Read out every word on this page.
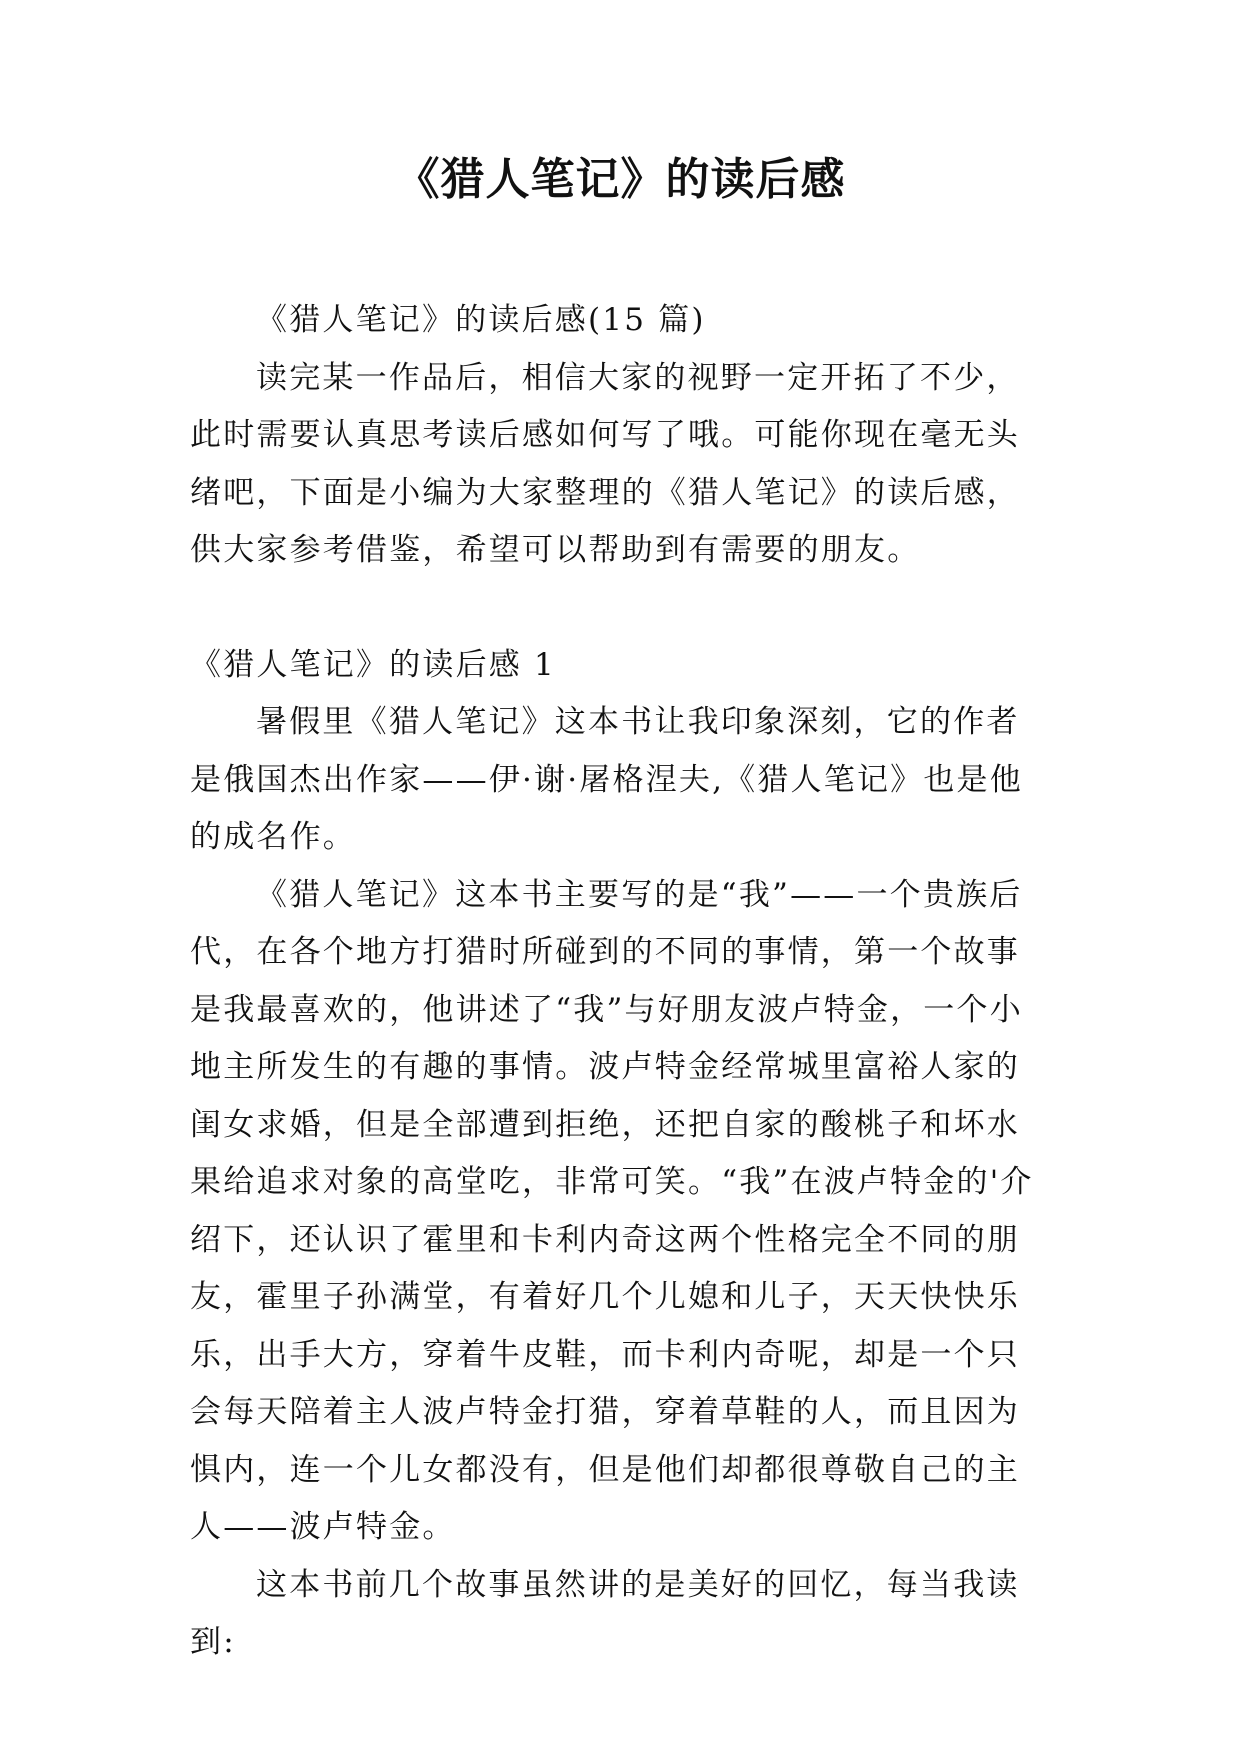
《猎人笔记》的读后感

《猎人笔记》的读后感(15 篇)

读完某一作品后，相信大家的视野一定开拓了不少，此时需要认真思考读后感如何写了哦。可能你现在毫无头绪吧，下面是小编为大家整理的《猎人笔记》的读后感，供大家参考借鉴，希望可以帮助到有需要的朋友。

《猎人笔记》的读后感 1

暑假里《猎人笔记》这本书让我印象深刻，它的作者是俄国杰出作家——伊·谢·屠格涅夫,《猎人笔记》也是他的成名作。

《猎人笔记》这本书主要写的是“我”——一个贵族后代，在各个地方打猎时所碰到的不同的事情，第一个故事是我最喜欢的，他讲述了“我”与好朋友波卢特金，一个小地主所发生的有趣的事情。波卢特金经常城里富裕人家的闺女求婚，但是全部遭到拒绝，还把自家的酸桃子和坏水果给追求对象的高堂吃，非常可笑。“我”在波卢特金的'介绍下，还认识了霍里和卡利内奇这两个性格完全不同的朋友，霍里子孙满堂，有着好几个儿媳和儿子，天天快快乐乐，出手大方，穿着牛皮鞋，而卡利内奇呢，却是一个只会每天陪着主人波卢特金打猎，穿着草鞋的人，而且因为惧内，连一个儿女都没有，但是他们却都很尊敬自己的主人——波卢特金。

这本书前几个故事虽然讲的是美好的回忆，每当我读到:
